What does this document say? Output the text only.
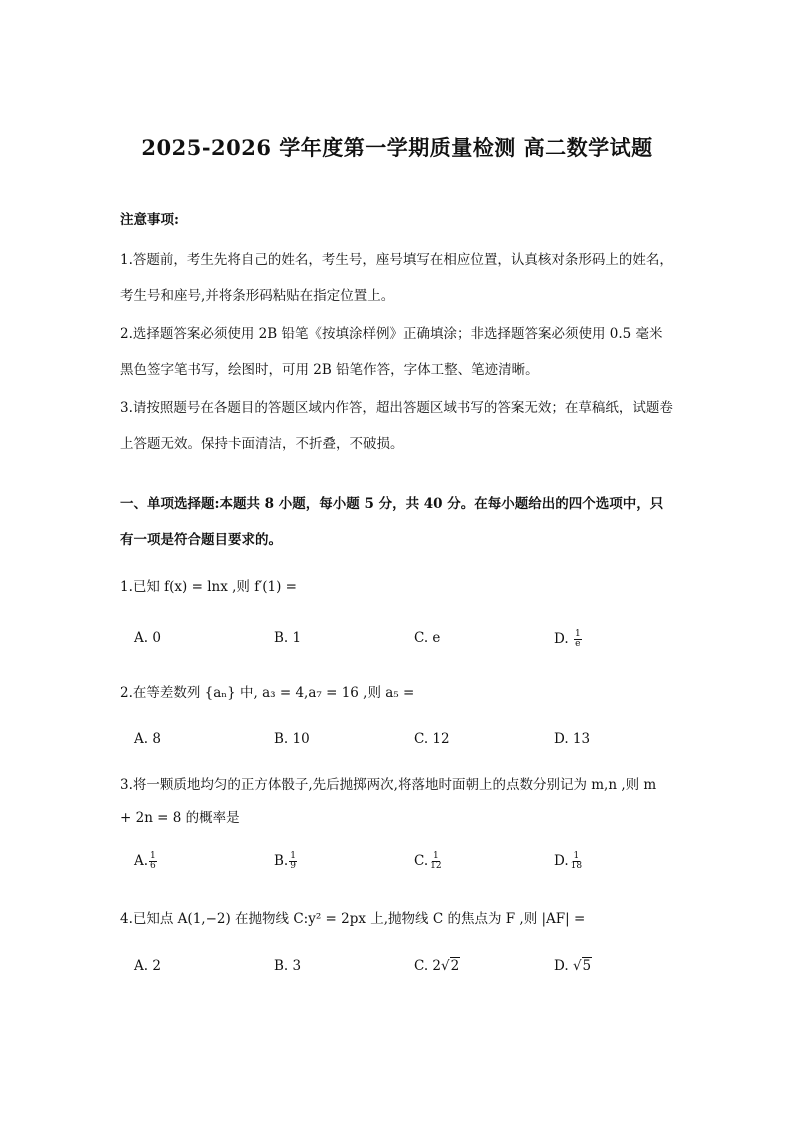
2025-2026 学年度第一学期质量检测 高二数学试题
注意事项:
1.答题前，考生先将自己的姓名，考生号，座号填写在相应位置，认真核对条形码上的姓名， 考生号和座号,并将条形码粘贴在指定位置上。
2.选择题答案必须使用 2B 铅笔《按填涂样例》正确填涂；非选择题答案必须使用 0.5 毫米黑色签字笔书写，绘图时，可用 2B 铅笔作答，字体工整、笔迹清晰。
3.请按照题号在各题目的答题区域内作答，超出答题区域书写的答案无效；在草稿纸，试题卷上答题无效。保持卡面清洁，不折叠，不破损。
一、单项选择题:本题共 8 小题，每小题 5 分，共 40 分。在每小题给出的四个选项中，只有一项是符合题目要求的。
1.已知 f(x) = lnx ,则 f′(1) =
A. 0	B. 1	C. e	D. $\frac{1}{e}$
2.在等差数列 {aₙ} 中, a₃ = 4,a₇ = 16 ,则 a₅ =
A. 8	B. 10	C. 12	D. 13
3.将一颗质地均匀的正方体骰子,先后抛掷两次,将落地时面朝上的点数分别记为 m,n ,则 m
+ 2n = 8 的概率是
A. $\frac{1}{6}$	B. $\frac{1}{9}$	C. $\frac{1}{12}$	D. $\frac{1}{18}$
4.已知点 A(1,−2) 在抛物线 C:y² = 2px 上,抛物线 C 的焦点为 F ,则 |AF| =
A. 2	B. 3	C. 2√2	D. √5
